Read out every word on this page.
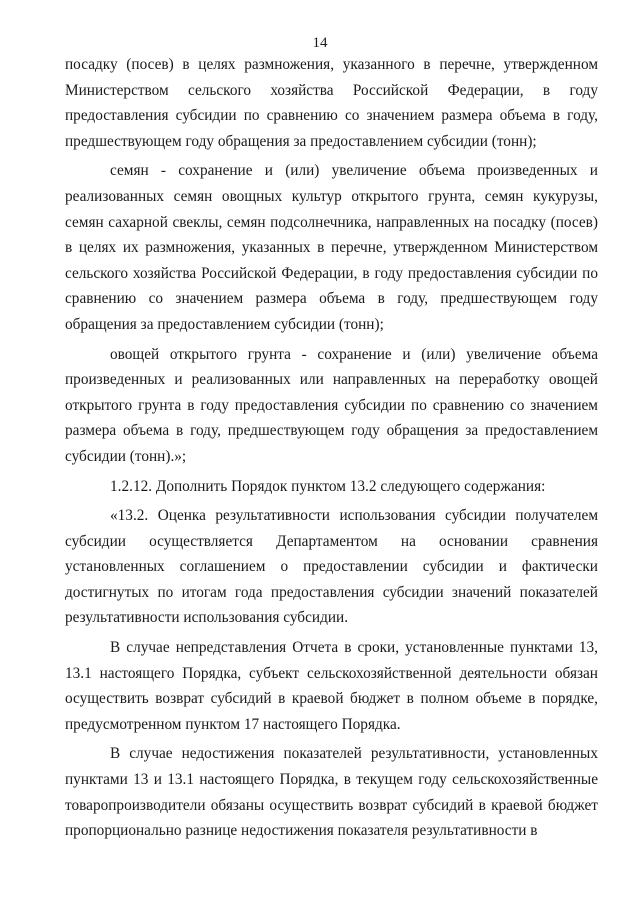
14

посадку (посев) в целях размножения, указанного в перечне, утвержденном Министерством сельского хозяйства Российской Федерации, в году предоставления субсидии по сравнению со значением размера объема в году, предшествующем году обращения за предоставлением субсидии (тонн);

семян - сохранение и (или) увеличение объема произведенных и реализованных семян овощных культур открытого грунта, семян кукурузы, семян сахарной свеклы, семян подсолнечника, направленных на посадку (посев) в целях их размножения, указанных в перечне, утвержденном Министерством сельского хозяйства Российской Федерации, в году предоставления субсидии по сравнению со значением размера объема в году, предшествующем году обращения за предоставлением субсидии (тонн);

овощей открытого грунта - сохранение и (или) увеличение объема произведенных и реализованных или направленных на переработку овощей открытого грунта в году предоставления субсидии по сравнению со значением размера объема в году, предшествующем году обращения за предоставлением субсидии (тонн).»;

1.2.12. Дополнить Порядок пунктом 13.2 следующего содержания:

«13.2. Оценка результативности использования субсидии получателем субсидии осуществляется Департаментом на основании сравнения установленных соглашением о предоставлении субсидии и фактически достигнутых по итогам года предоставления субсидии значений показателей результативности использования субсидии.

В случае непредставления Отчета в сроки, установленные пунктами 13, 13.1 настоящего Порядка, субъект сельскохозяйственной деятельности обязан осуществить возврат субсидий в краевой бюджет в полном объеме в порядке, предусмотренном пунктом 17 настоящего Порядка.

В случае недостижения показателей результативности, установленных пунктами 13 и 13.1 настоящего Порядка, в текущем году сельскохозяйственные товаропроизводители обязаны осуществить возврат субсидий в краевой бюджет пропорционально разнице недостижения показателя результативности в
